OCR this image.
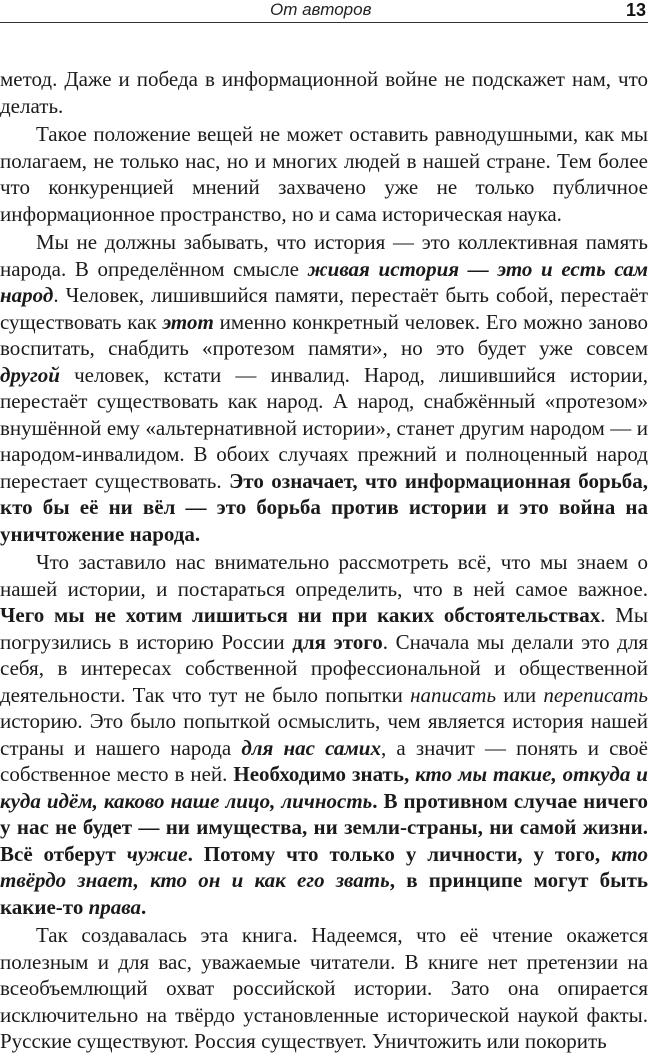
От авторов	13

метод. Даже и победа в информационной войне не подскажет нам, что делать.

Такое положение вещей не может оставить равнодушными, как мы полагаем, не только нас, но и многих людей в нашей стране. Тем более что конкуренцией мнений захвачено уже не только публичное информационное пространство, но и сама историческая наука.

Мы не должны забывать, что история — это коллективная память народа. В определённом смысле живая история — это и есть сам народ. Человек, лишившийся памяти, перестаёт быть собой, перестаёт существовать как этот именно конкретный человек. Его можно заново воспитать, снабдить «протезом памяти», но это будет уже совсем другой человек, кстати — инвалид. Народ, лишившийся истории, перестаёт существовать как народ. А народ, снабжённый «протезом» внушённой ему «альтернативной истории», станет другим народом — и народом-инвалидом. В обоих случаях прежний и полноценный народ перестает существовать. Это означает, что информационная борьба, кто бы её ни вёл — это борьба против истории и это война на уничтожение народа.

Что заставило нас внимательно рассмотреть всё, что мы знаем о нашей истории, и постараться определить, что в ней самое важное. Чего мы не хотим лишиться ни при каких обстоятельствах. Мы погрузились в историю России для этого. Сначала мы делали это для себя, в интересах собственной профессиональной и общественной деятельности. Так что тут не было попытки написать или переписать историю. Это было попыткой осмыслить, чем является история нашей страны и нашего народа для нас самих, а значит — понять и своё собственное место в ней. Необходимо знать, кто мы такие, откуда и куда идём, каково наше лицо, личность. В противном случае ничего у нас не будет — ни имущества, ни земли-страны, ни самой жизни. Всё отберут чужие. Потому что только у личности, у того, кто твёрдо знает, кто он и как его звать, в принципе могут быть какие-то права.

Так создавалась эта книга. Надеемся, что её чтение окажется полезным и для вас, уважаемые читатели. В книге нет претензии на всеобъемлющий охват российской истории. Зато она опирается исключительно на твёрдо установленные исторической наукой факты. Русские существуют. Россия существует. Уничтожить или покорить
